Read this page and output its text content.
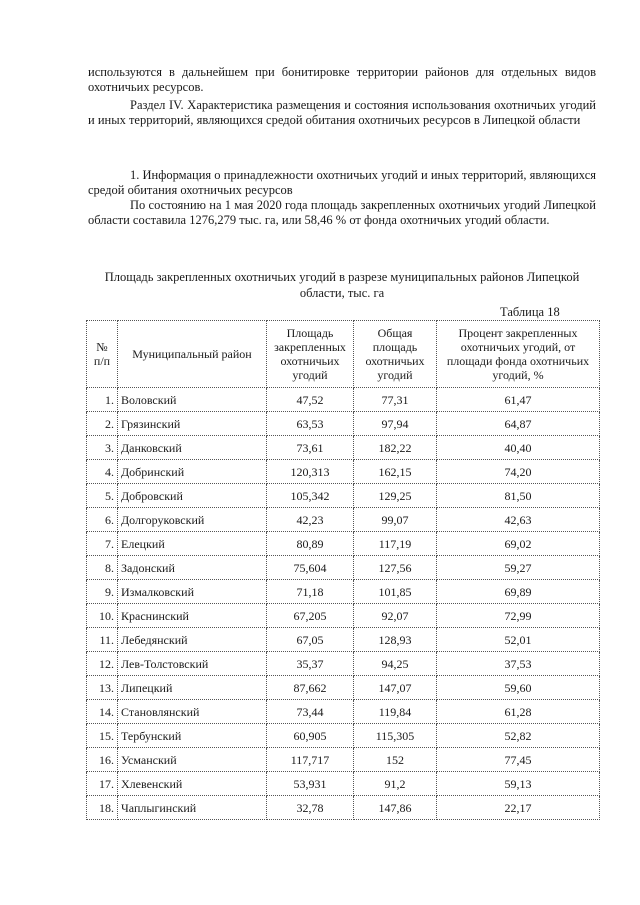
используются в дальнейшем при бонитировке территории районов для отдельных видов охотничьих ресурсов.

Раздел IV. Характеристика размещения и состояния использования охотничьих угодий и иных территорий, являющихся средой обитания охотничьих ресурсов в Липецкой области

1. Информация о принадлежности охотничьих угодий и иных территорий, являющихся средой обитания охотничьих ресурсов

По состоянию на 1 мая 2020 года площадь закрепленных охотничьих угодий Липецкой области составила 1276,279 тыс. га, или 58,46 % от фонда охотничьих угодий области.

Площадь закрепленных охотничьих угодий в разрезе муниципальных районов Липецкой области, тыс. га

Таблица 18
№ п/п	Муниципальный район	Площадь закрепленных охотничьих угодий	Общая площадь охотничьих угодий	Процент закрепленных охотничьих угодий, от площади фонда охотничьих угодий, %
1.	Воловский	47,52	77,31	61,47
2.	Грязинский	63,53	97,94	64,87
3.	Данковский	73,61	182,22	40,40
4.	Добринский	120,313	162,15	74,20
5.	Добровский	105,342	129,25	81,50
6.	Долгоруковский	42,23	99,07	42,63
7.	Елецкий	80,89	117,19	69,02
8.	Задонский	75,604	127,56	59,27
9.	Измалковский	71,18	101,85	69,89
10.	Краснинский	67,205	92,07	72,99
11.	Лебедянский	67,05	128,93	52,01
12.	Лев-Толстовский	35,37	94,25	37,53
13.	Липецкий	87,662	147,07	59,60
14.	Становлянский	73,44	119,84	61,28
15.	Тербунский	60,905	115,305	52,82
16.	Усманский	117,717	152	77,45
17.	Хлевенский	53,931	91,2	59,13
18.	Чаплыгинский	32,78	147,86	22,17
